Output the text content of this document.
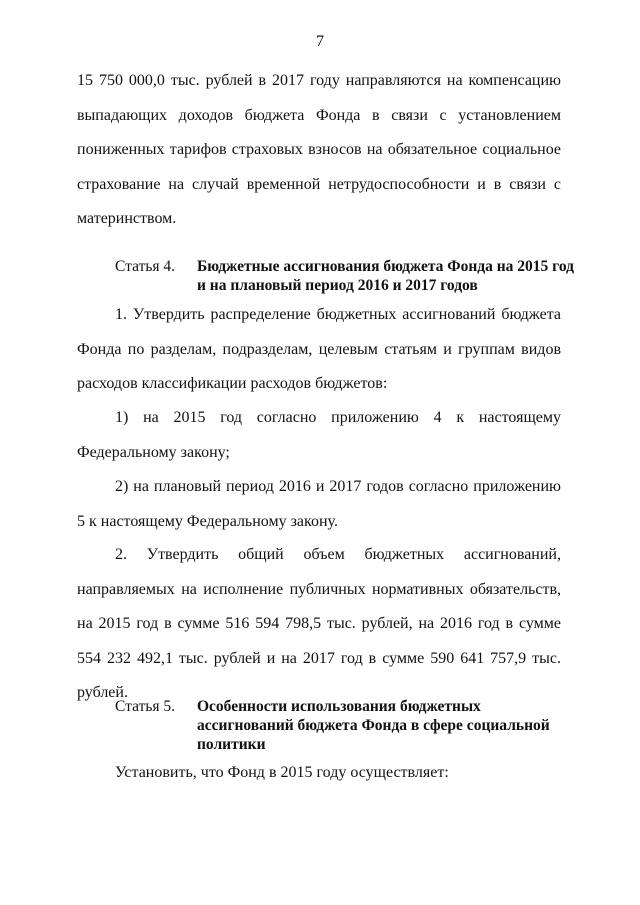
7
15 750 000,0 тыс. рублей в 2017 году направляются на компенсацию выпадающих доходов бюджета Фонда в связи с установлением пониженных тарифов страховых взносов на обязательное социальное страхование на случай временной нетрудоспособности и в связи с материнством.
Статья 4. Бюджетные ассигнования бюджета Фонда на 2015 год и на плановый период 2016 и 2017 годов
1. Утвердить распределение бюджетных ассигнований бюджета Фонда по разделам, подразделам, целевым статьям и группам видов расходов классификации расходов бюджетов:
1) на 2015 год согласно приложению 4 к настоящему Федеральному закону;
2) на плановый период 2016 и 2017 годов согласно приложению 5 к настоящему Федеральному закону.
2. Утвердить общий объем бюджетных ассигнований, направляемых на исполнение публичных нормативных обязательств, на 2015 год в сумме 516 594 798,5 тыс. рублей, на 2016 год в сумме 554 232 492,1 тыс. рублей и на 2017 год в сумме 590 641 757,9 тыс. рублей.
Статья 5. Особенности использования бюджетных ассигнований бюджета Фонда в сфере социальной политики
Установить, что Фонд в 2015 году осуществляет:
